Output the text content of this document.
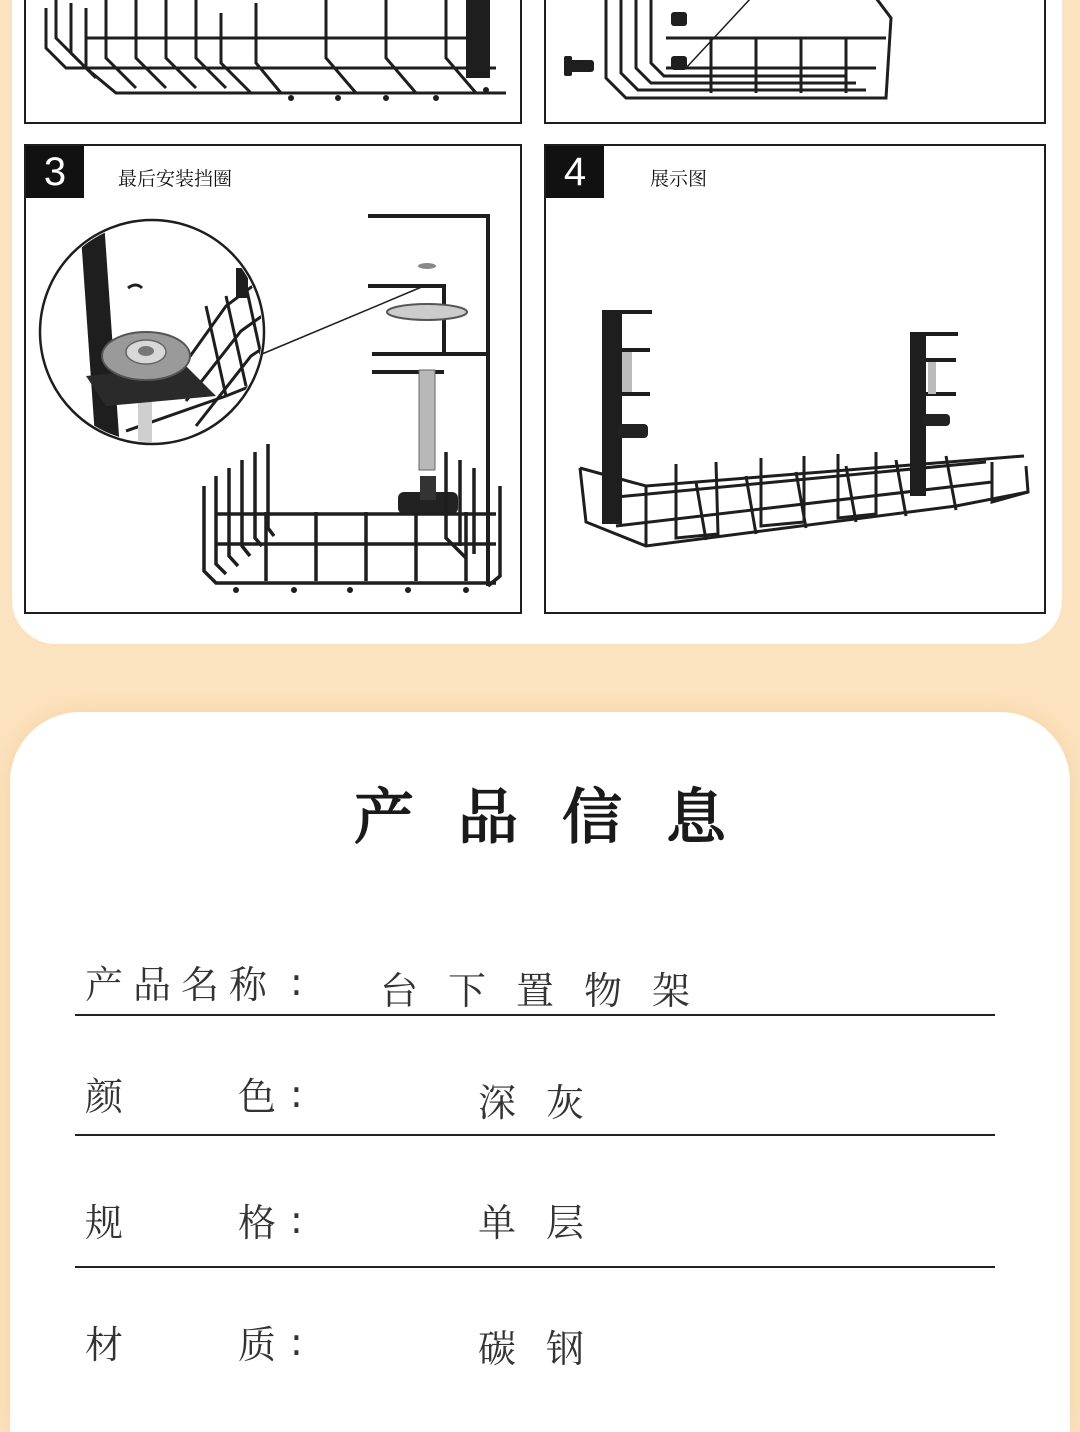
3	最后安装挡圈	4	展示图
产品信息
产品名称 : 台下置物架
颜	色 :	深灰
规	格 :	单层
材	质 :	碳钢
